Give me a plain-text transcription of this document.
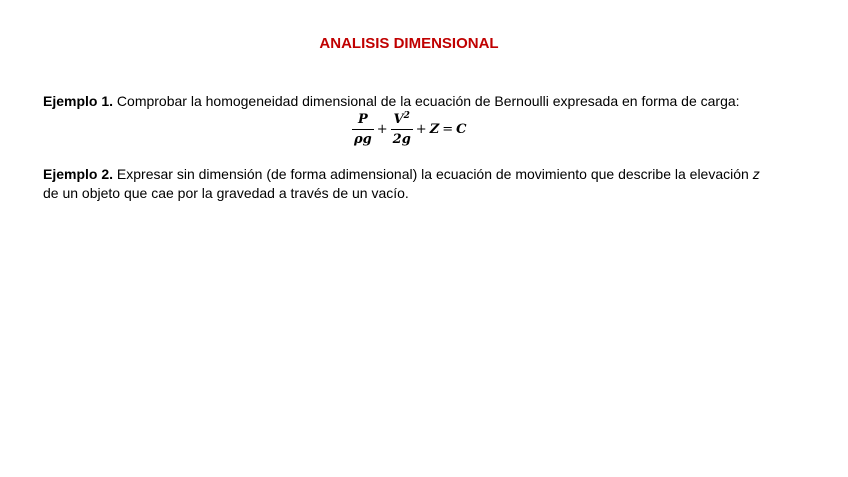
ANALISIS DIMENSIONAL
Ejemplo 1. Comprobar la homogeneidad dimensional de la ecuación de Bernoulli expresada en forma de carga:
$\frac{P}{\rho g} + \frac{V^2}{2g} + Z = C$
Ejemplo 2. Expresar sin dimensión (de forma adimensional) la ecuación de movimiento que describe la elevación z
de un objeto que cae por la gravedad a través de un vacío.
